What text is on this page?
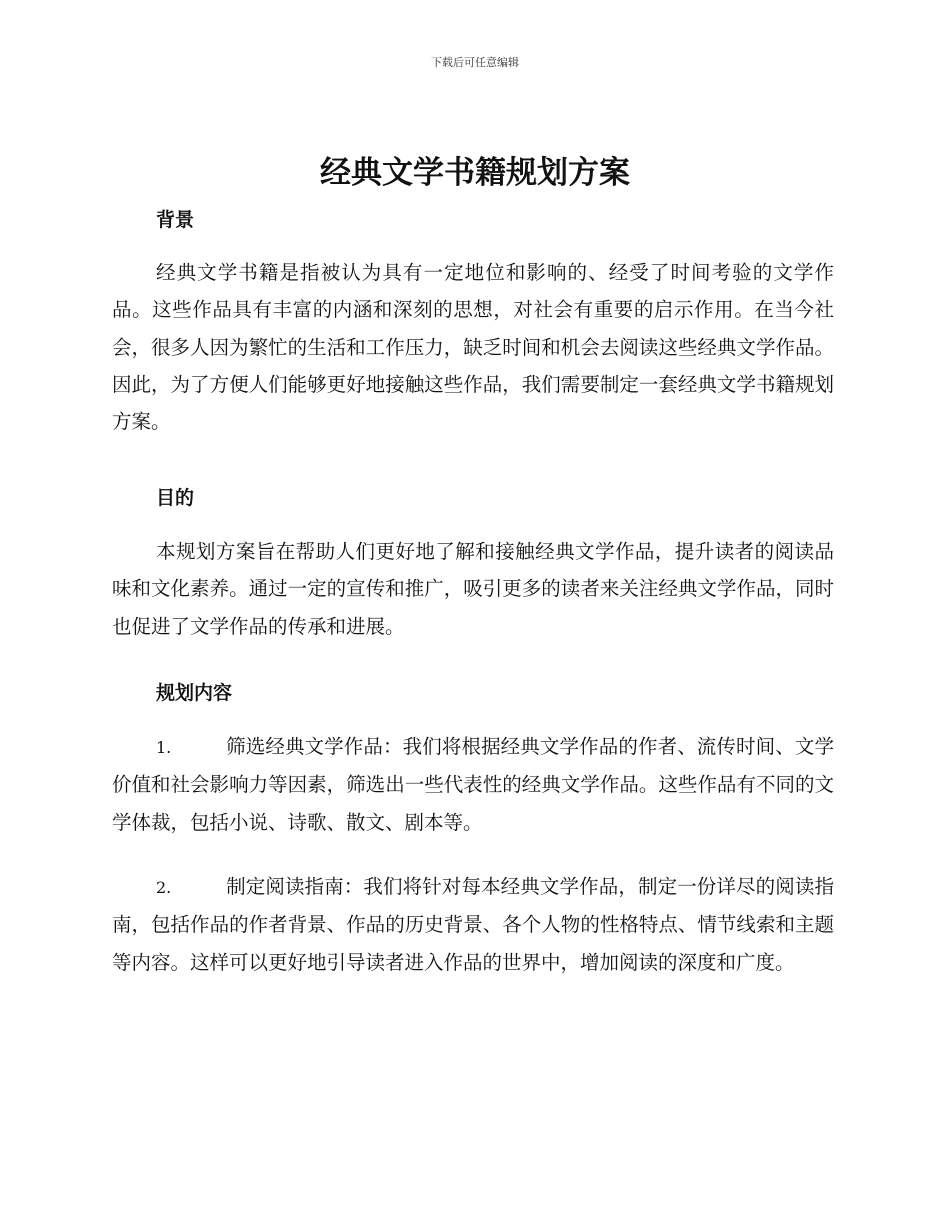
下载后可任意编辑
经典文学书籍规划方案
背景

经典文学书籍是指被认为具有一定地位和影响的、经受了时间考验的文学作品。这些作品具有丰富的内涵和深刻的思想，对社会有重要的启示作用。在当今社会，很多人因为繁忙的生活和工作压力，缺乏时间和机会去阅读这些经典文学作品。因此，为了方便人们能够更好地接触这些作品，我们需要制定一套经典文学书籍规划方案。

目的

本规划方案旨在帮助人们更好地了解和接触经典文学作品，提升读者的阅读品味和文化素养。通过一定的宣传和推广，吸引更多的读者来关注经典文学作品，同时也促进了文学作品的传承和进展。

规划内容

1.	筛选经典文学作品：我们将根据经典文学作品的作者、流传时间、文学价值和社会影响力等因素，筛选出一些代表性的经典文学作品。这些作品有不同的文学体裁，包括小说、诗歌、散文、剧本等。

2.	制定阅读指南：我们将针对每本经典文学作品，制定一份详尽的阅读指南，包括作品的作者背景、作品的历史背景、各个人物的性格特点、情节线索和主题等内容。这样可以更好地引导读者进入作品的世界中，增加阅读的深度和广度。
